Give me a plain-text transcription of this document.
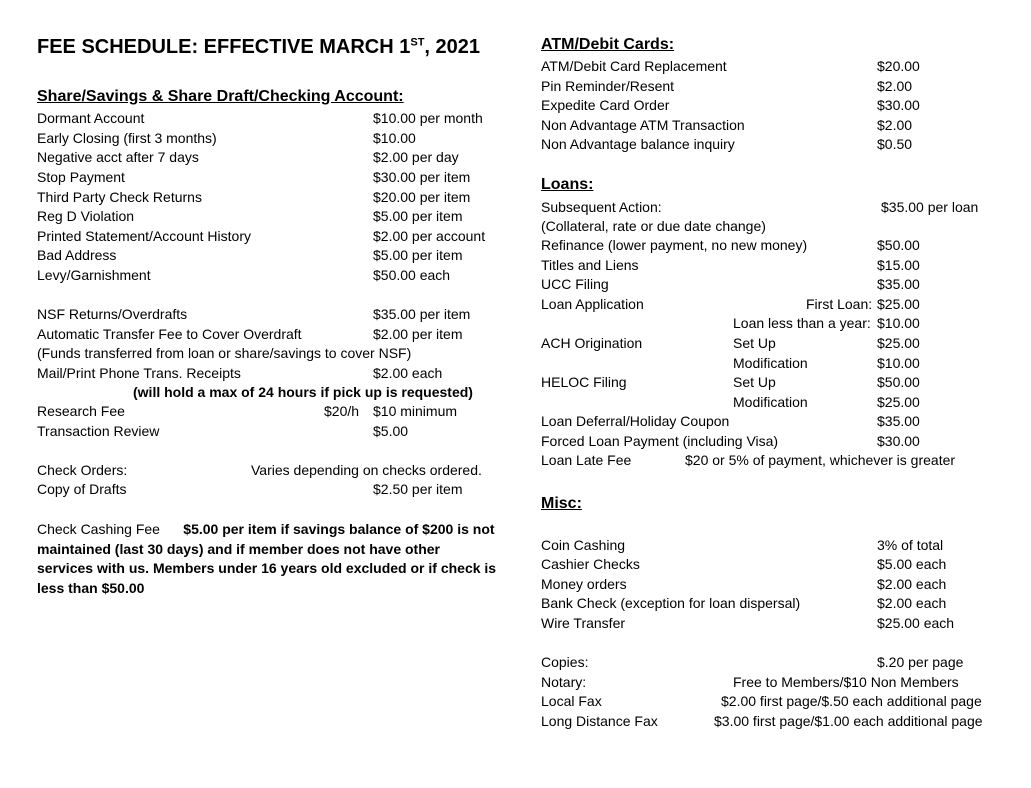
FEE SCHEDULE: EFFECTIVE MARCH 1ST, 2021
Share/Savings & Share Draft/Checking Account:
Dormant Account	$10.00 per month
Early Closing (first 3 months)	$10.00
Negative acct after 7 days	$2.00 per day
Stop Payment	$30.00 per item
Third Party Check Returns	$20.00 per item
Reg D Violation	$5.00 per item
Printed Statement/Account History	$2.00 per account
Bad Address	$5.00 per item
Levy/Garnishment	$50.00 each
NSF Returns/Overdrafts	$35.00 per item
Automatic Transfer Fee to Cover Overdraft	$2.00 per item
(Funds transferred from loan or share/savings to cover NSF)
Mail/Print Phone Trans. Receipts	$2.00 each
(will hold a max of 24 hours if pick up is requested)
Research Fee	$20/h $10 minimum
Transaction Review	$5.00
Check Orders:	Varies depending on checks ordered.
Copy of Drafts	$2.50 per item
Check Cashing Fee $5.00 per item if savings balance of $200 is not maintained (last 30 days) and if member does not have other services with us. Members under 16 years old excluded or if check is less than $50.00
ATM/Debit Cards:
ATM/Debit Card Replacement	$20.00
Pin Reminder/Resent	$2.00
Expedite Card Order	$30.00
Non Advantage ATM Transaction	$2.00
Non Advantage balance inquiry	$0.50
Loans:
Subsequent Action:	$35.00 per loan
(Collateral, rate or due date change)
Refinance (lower payment, no new money)	$50.00
Titles and Liens	$15.00
UCC Filing	$35.00
Loan Application	First Loan: $25.00
Loan less than a year: $10.00
ACH Origination	Set Up	$25.00
Modification	$10.00
HELOC Filing	Set Up	$50.00
Modification	$25.00
Loan Deferral/Holiday Coupon	$35.00
Forced Loan Payment (including Visa)	$30.00
Loan Late Fee	$20 or 5% of payment, whichever is greater
Misc:
Coin Cashing	3% of total
Cashier Checks	$5.00 each
Money orders	$2.00 each
Bank Check (exception for loan dispersal)	$2.00 each
Wire Transfer	$25.00 each
Copies:	$.20 per page
Notary:	Free to Members/$10 Non Members
Local Fax	$2.00 first page/$.50 each additional page
Long Distance Fax	$3.00 first page/$1.00 each additional page
